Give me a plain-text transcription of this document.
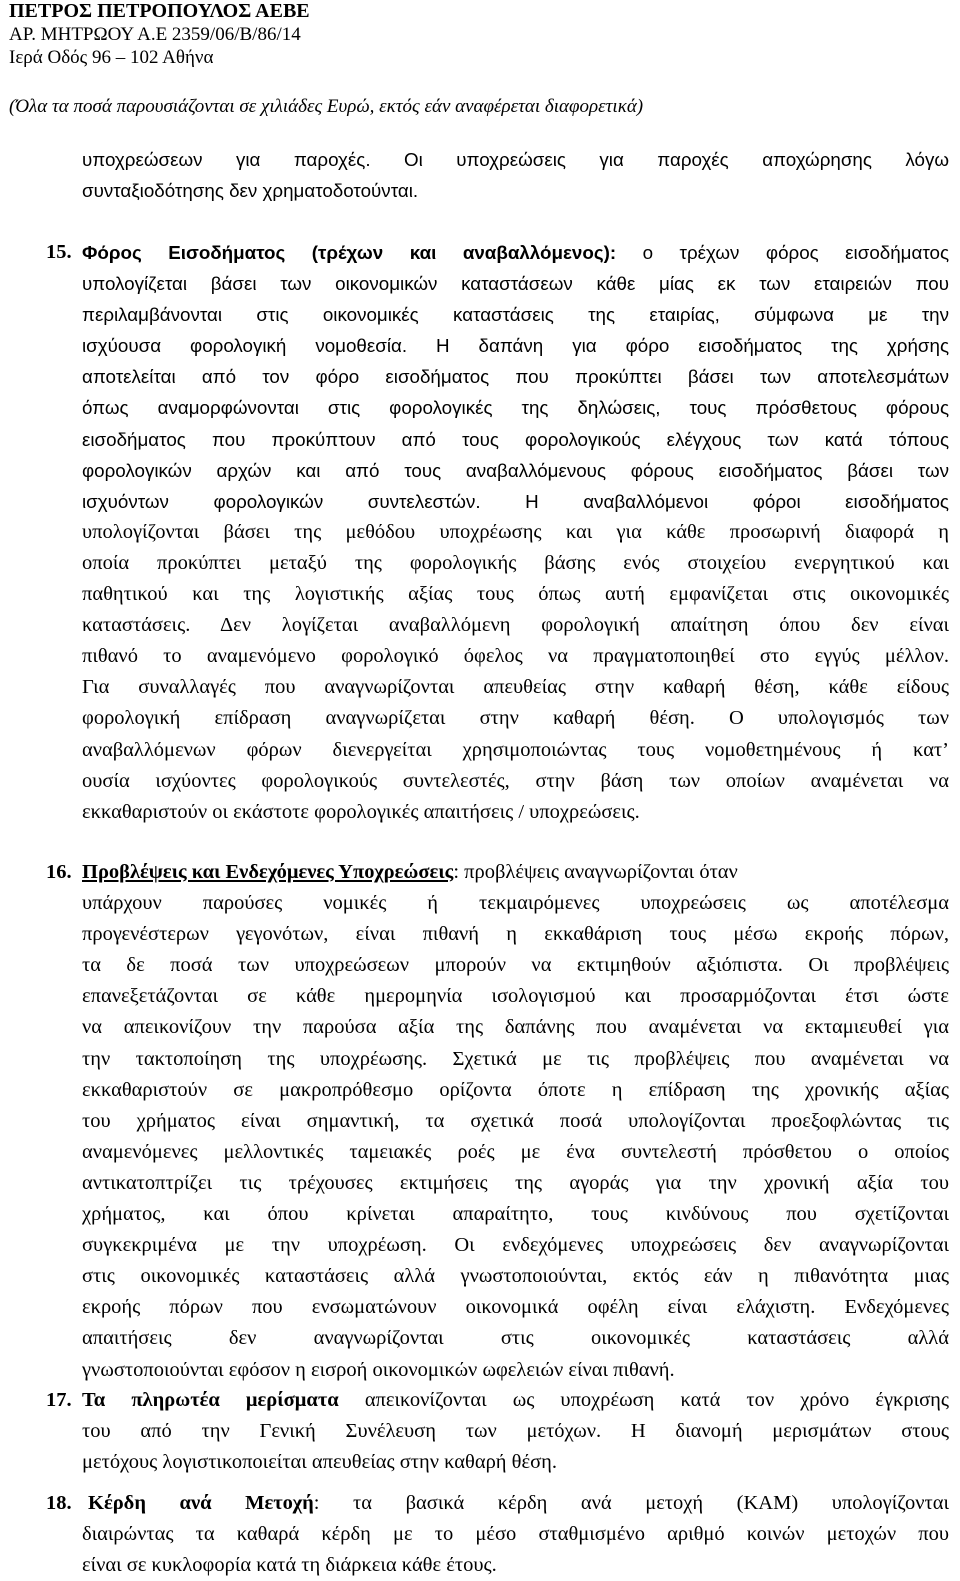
ΠΕΤΡΟΣ ΠΕΤΡΟΠΟΥΛΟΣ ΑΕΒΕ
ΑΡ. ΜΗΤΡΩΟΥ Α.Ε 2359/06/Β/86/14
Ιερά Οδός 96 – 102 Αθήνα
(Όλα τα ποσά παρουσιάζονται σε χιλιάδες Ευρώ, εκτός εάν αναφέρεται διαφορετικά)

υποχρεώσεων για παροχές. Οι υποχρεώσεις για παροχές αποχώρησης λόγω

συνταξιοδότησης δεν χρηματοδοτούνται.

15. Φόρος Εισοδήματος (τρέχων και αναβαλλόμενος): ο τρέχων φόρος εισοδήματος

υπολογίζεται βάσει των οικονομικών καταστάσεων κάθε μίας εκ των εταιρειών που

περιλαμβάνονται στις οικονομικές καταστάσεις της εταιρίας, σύμφωνα με την

ισχύουσα φορολογική νομοθεσία. Η δαπάνη για φόρο εισοδήματος της χρήσης

αποτελείται από τον φόρο εισοδήματος που προκύπτει βάσει των αποτελεσμάτων

όπως αναμορφώνονται στις φορολογικές της δηλώσεις, τους πρόσθετους φόρους

εισοδήματος που προκύπτουν από τους φορολογικούς ελέγχους των κατά τόπους

φορολογικών αρχών και από τους αναβαλλόμενους φόρους εισοδήματος βάσει των

ισχυόντων φορολογικών συντελεστών. Η αναβαλλόμενοι φόροι εισοδήματος

υπολογίζονται βάσει της μεθόδου υποχρέωσης και για κάθε προσωρινή διαφορά η

οποία προκύπτει μεταξύ της φορολογικής βάσης ενός στοιχείου ενεργητικού και

παθητικού και της λογιστικής αξίας τους όπως αυτή εμφανίζεται στις οικονομικές

καταστάσεις. Δεν λογίζεται αναβαλλόμενη φορολογική απαίτηση όπου δεν είναι

πιθανό το αναμενόμενο φορολογικό όφελος να πραγματοποιηθεί στο εγγύς μέλλον.

Για συναλλαγές που αναγνωρίζονται απευθείας στην καθαρή θέση, κάθε είδους

φορολογική επίδραση αναγνωρίζεται στην καθαρή θέση. Ο υπολογισμός των

αναβαλλόμενων φόρων διενεργείται χρησιμοποιώντας τους νομοθετημένους ή κατ’

ουσία ισχύοντες φορολογικούς συντελεστές, στην βάση των οποίων αναμένεται να

εκκαθαριστούν οι εκάστοτε φορολογικές απαιτήσεις / υποχρεώσεις.

16. Προβλέψεις και Ενδεχόμενες Υποχρεώσεις: προβλέψεις αναγνωρίζονται όταν

υπάρχουν παρούσες νομικές ή τεκμαιρόμενες υποχρεώσεις ως αποτέλεσμα

προγενέστερων γεγονότων, είναι πιθανή η εκκαθάριση τους μέσω εκροής πόρων,

τα δε ποσά των υποχρεώσεων μπορούν να εκτιμηθούν αξιόπιστα. Οι προβλέψεις

επανεξετάζονται σε κάθε ημερομηνία ισολογισμού και προσαρμόζονται έτσι ώστε

να απεικονίζουν την παρούσα αξία της δαπάνης που αναμένεται να εκταμιευθεί για

την τακτοποίηση της υποχρέωσης. Σχετικά με τις προβλέψεις που αναμένεται να

εκκαθαριστούν σε μακροπρόθεσμο ορίζοντα όποτε η επίδραση της χρονικής αξίας

του χρήματος είναι σημαντική, τα σχετικά ποσά υπολογίζονται προεξοφλώντας τις

αναμενόμενες μελλοντικές ταμειακές ροές με ένα συντελεστή πρόσθετου ο οποίος

αντικατοπτρίζει τις τρέχουσες εκτιμήσεις της αγοράς για την χρονική αξία του

χρήματος, και όπου κρίνεται απαραίτητο, τους κινδύνους που σχετίζονται

συγκεκριμένα με την υποχρέωση. Οι ενδεχόμενες υποχρεώσεις δεν αναγνωρίζονται

στις οικονομικές καταστάσεις αλλά γνωστοποιούνται, εκτός εάν η πιθανότητα μιας

εκροής πόρων που ενσωματώνουν οικονομικά οφέλη είναι ελάχιστη. Ενδεχόμενες

απαιτήσεις δεν αναγνωρίζονται στις οικονομικές καταστάσεις αλλά

γνωστοποιούνται εφόσον η εισροή οικονομικών ωφελειών είναι πιθανή.

17. Τα πληρωτέα μερίσματα απεικονίζονται ως υποχρέωση κατά τον χρόνο έγκρισης

του από την Γενική Συνέλευση των μετόχων. Η διανομή μερισμάτων στους

μετόχους λογιστικοποιείται απευθείας στην καθαρή θέση.

18. Κέρδη ανά Μετοχή: τα βασικά κέρδη ανά μετοχή (ΚΑΜ) υπολογίζονται

διαιρώντας τα καθαρά κέρδη με το μέσο σταθμισμένο αριθμό κοινών μετοχών που

είναι σε κυκλοφορία κατά τη διάρκεια κάθε έτους.
